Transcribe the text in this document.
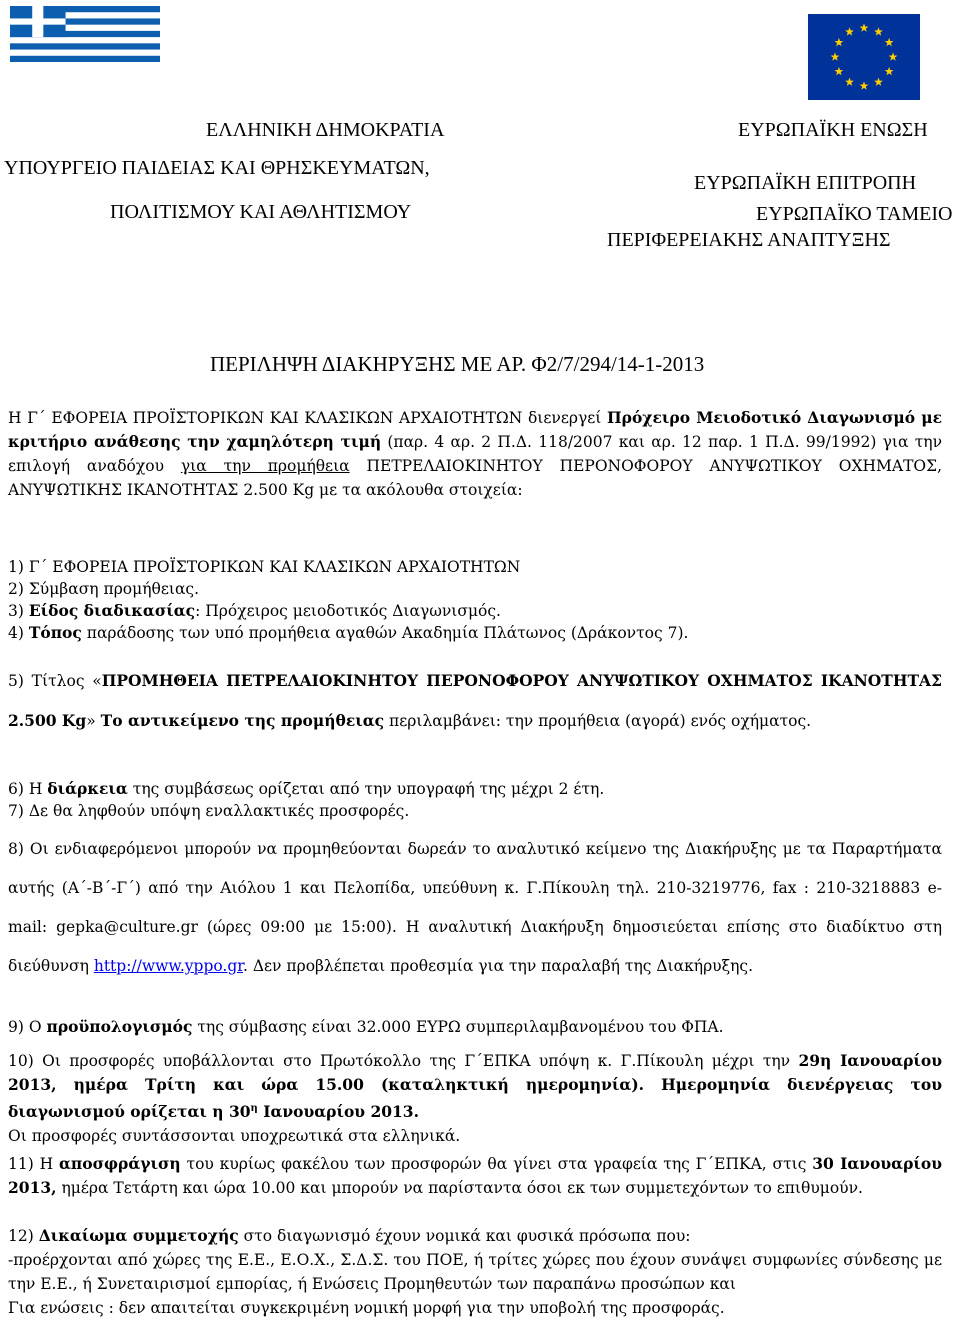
ΕΛΛΗΝΙΚΗ ΔΗΜΟΚΡΑΤΙΑ
ΥΠΟΥΡΓΕΙΟ ΠΑΙΔΕΙΑΣ ΚΑΙ ΘΡΗΣΚΕΥΜΑΤΩΝ,
ΠΟΛΙΤΙΣΜΟΥ ΚΑΙ ΑΘΛΗΤΙΣΜΟΥ
ΕΥΡΩΠΑΪΚΗ ΕΝΩΣΗ
ΕΥΡΩΠΑΪΚΗ ΕΠΙΤΡΟΠΗ
ΕΥΡΩΠΑΪΚΟ ΤΑΜΕΙΟ
ΠΕΡΙΦΕΡΕΙΑΚΗΣ ΑΝΑΠΤΥΞΗΣ
ΠΕΡΙΛΗΨΗ ΔΙΑΚΗΡΥΞΗΣ ΜΕ ΑΡ. Φ2/7/294/14-1-2013

Η Γ΄ ΕΦΟΡΕΙΑ ΠΡΟΪΣΤΟΡΙΚΩΝ ΚΑΙ ΚΛΑΣΙΚΩΝ ΑΡΧΑΙΟΤΗΤΩΝ διενεργεί Πρόχειρο Μειοδοτικό Διαγωνισμό με κριτήριο ανάθεσης την χαμηλότερη τιμή (παρ. 4 αρ. 2 Π.Δ. 118/2007 και αρ. 12 παρ. 1 Π.Δ. 99/1992) για την επιλογή αναδόχου για την προμήθεια ΠΕΤΡΕΛΑΙΟΚΙΝΗΤΟΥ ΠΕΡΟΝΟΦΟΡΟΥ ΑΝΥΨΩΤΙΚΟΥ ΟΧΗΜΑΤΟΣ, ΑΝΥΨΩΤΙΚΗΣ ΙΚΑΝΟΤΗΤΑΣ 2.500 Kg με τα ακόλουθα στοιχεία:

1) Γ΄ ΕΦΟΡΕΙΑ ΠΡΟΪΣΤΟΡΙΚΩΝ ΚΑΙ ΚΛΑΣΙΚΩΝ ΑΡΧΑΙΟΤΗΤΩΝ

2) Σύμβαση προμήθειας.

3) Είδος διαδικασίας: Πρόχειρος μειοδοτικός Διαγωνισμός.

4) Τόπος παράδοσης των υπό προμήθεια αγαθών Ακαδημία Πλάτωνος (Δράκοντος 7).

5) Τίτλος «ΠΡΟΜΗΘΕΙΑ ΠΕΤΡΕΛΑΙΟΚΙΝΗΤΟΥ ΠΕΡΟΝΟΦΟΡΟΥ ΑΝΥΨΩΤΙΚΟΥ ΟΧΗΜΑΤΟΣ ΙΚΑΝΟΤΗΤΑΣ 2.500 Kg» Το αντικείμενο της προμήθειας περιλαμβάνει: την προμήθεια (αγορά) ενός οχήματος.

6) Η διάρκεια της συμβάσεως ορίζεται από την υπογραφή της μέχρι 2 έτη.

7) Δε θα ληφθούν υπόψη εναλλακτικές προσφορές.

8) Οι ενδιαφερόμενοι μπορούν να προμηθεύονται δωρεάν το αναλυτικό κείμενο της Διακήρυξης με τα Παραρτήματα αυτής (Α΄-Β΄-Γ΄) από την Αιόλου 1 και Πελοπίδα, υπεύθυνη κ. Γ.Πίκουλη τηλ. 210-3219776, fax : 210-3218883 e-mail: gepka@culture.gr (ώρες 09:00 με 15:00). Η αναλυτική Διακήρυξη δημοσιεύεται επίσης στο διαδίκτυο στη διεύθυνση http://www.yppo.gr. Δεν προβλέπεται προθεσμία για την παραλαβή της Διακήρυξης.

9) Ο προϋπολογισμός της σύμβασης είναι 32.000 ΕΥΡΩ συμπεριλαμβανομένου του ΦΠΑ.

10) Οι προσφορές υποβάλλονται στο Πρωτόκολλο της Γ΄ΕΠΚΑ υπόψη κ. Γ.Πίκουλη μέχρι την 29η Ιανουαρίου 2013, ημέρα Τρίτη και ώρα 15.00 (καταληκτική ημερομηνία). Ημερομηνία διενέργειας του διαγωνισμού ορίζεται η $30^\eta$ Ιανουαρίου 2013.

Οι προσφορές συντάσσονται υποχρεωτικά στα ελληνικά.

11) Η αποσφράγιση του κυρίως φακέλου των προσφορών θα γίνει στα γραφεία της Γ΄ΕΠΚΑ, στις 30 Ιανουαρίου 2013, ημέρα Τετάρτη και ώρα 10.00 και μπορούν να παρίσταντα όσοι εκ των συμμετεχόντων το επιθυμούν.

12) Δικαίωμα συμμετοχής στο διαγωνισμό έχουν νομικά και φυσικά πρόσωπα που:

-προέρχονται από χώρες της Ε.Ε., Ε.Ο.Χ., Σ.Δ.Σ. του ΠΟΕ, ή τρίτες χώρες που έχουν συνάψει συμφωνίες σύνδεσης με την Ε.Ε., ή Συνεταιρισμοί εμπορίας, ή Ενώσεις Προμηθευτών των παραπάνω προσώπων και

Για ενώσεις : δεν απαιτείται συγκεκριμένη νομική μορφή για την υποβολή της προσφοράς.
